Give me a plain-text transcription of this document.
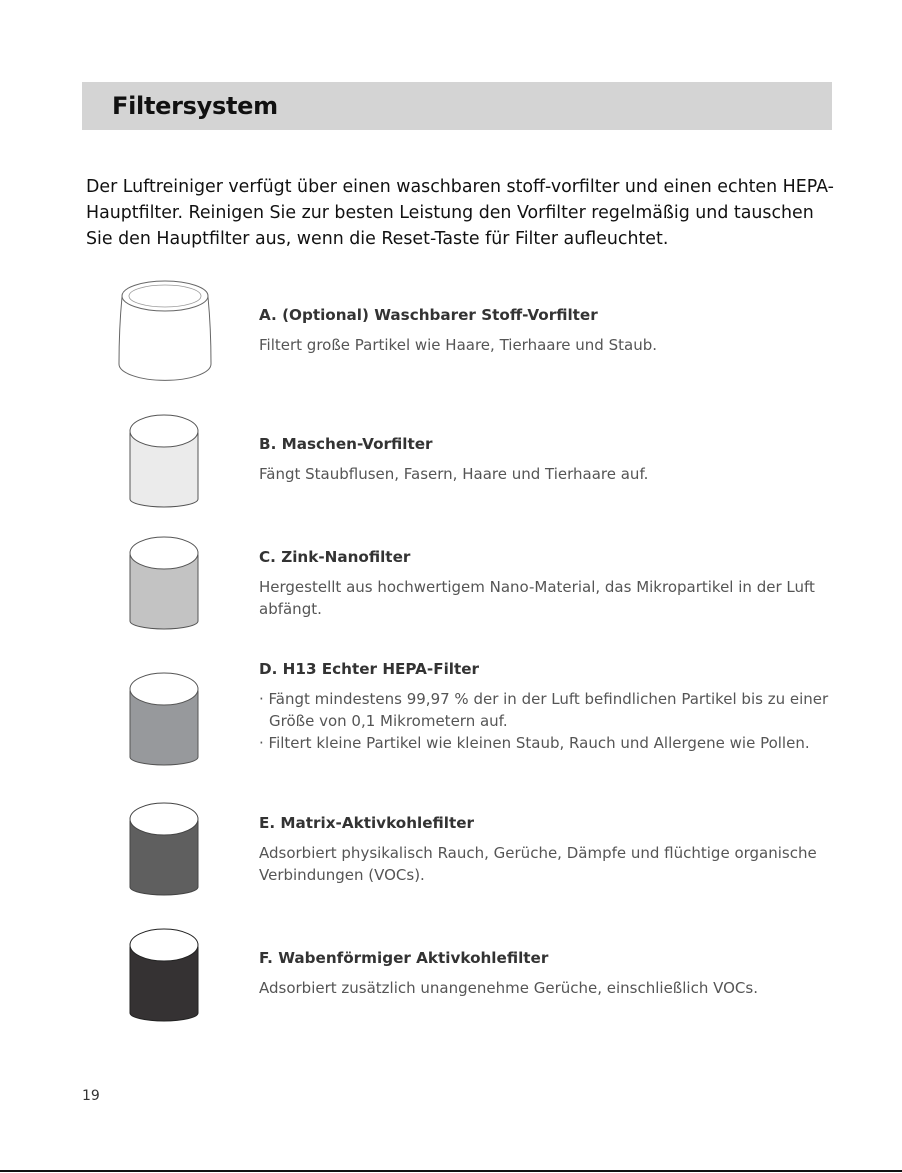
Filtersystem

Der Luftreiniger verfügt über einen waschbaren stoff-vorfilter und einen echten HEPA-Hauptfilter. Reinigen Sie zur besten Leistung den Vorfilter regelmäßig und tauschen Sie den Hauptfilter aus, wenn die Reset-Taste für Filter aufleuchtet.

A. (Optional) Waschbarer Stoff-Vorfilter

Filtert große Partikel wie Haare, Tierhaare und Staub.

B. Maschen-Vorfilter

Fängt Staubflusen, Fasern, Haare und Tierhaare auf.

C. Zink-Nanofilter

Hergestellt aus hochwertigem Nano-Material, das Mikropartikel in der Luft abfängt.

D. H13 Echter HEPA-Filter

· Fängt mindestens 99,97 % der in der Luft befindlichen Partikel bis zu einer Größe von 0,1 Mikrometern auf.

· Filtert kleine Partikel wie kleinen Staub, Rauch und Allergene wie Pollen.

E. Matrix-Aktivkohlefilter

Adsorbiert physikalisch Rauch, Gerüche, Dämpfe und flüchtige organische Verbindungen (VOCs).

F. Wabenförmiger Aktivkohlefilter

Adsorbiert zusätzlich unangenehme Gerüche, einschließlich VOCs.

19
